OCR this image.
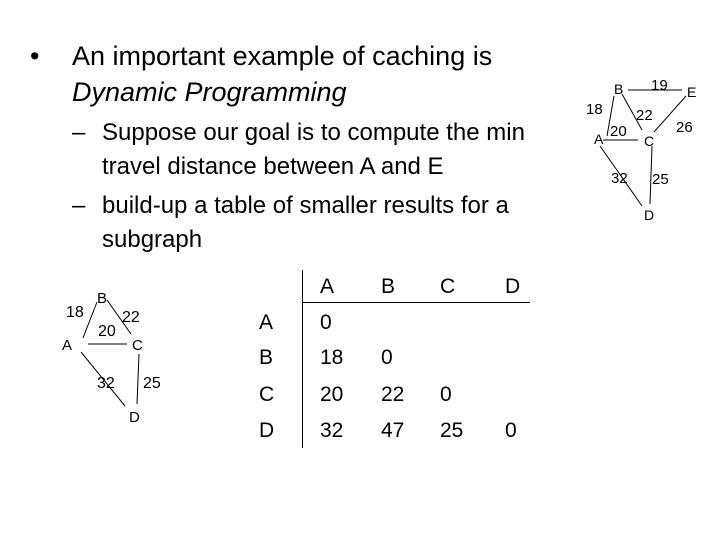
• An important example of caching is
Dynamic Programming
– Suppose our goal is to compute the min
travel distance between A and E
– build-up a table of smaller results for a
subgraph
A
B
C
D
E
18
20
32
22
19
25
26
A
B
C
D
18
20
32
22
25
A B C D
A 0
B 18 0
C 20 22 0
D 32 47 25 0
